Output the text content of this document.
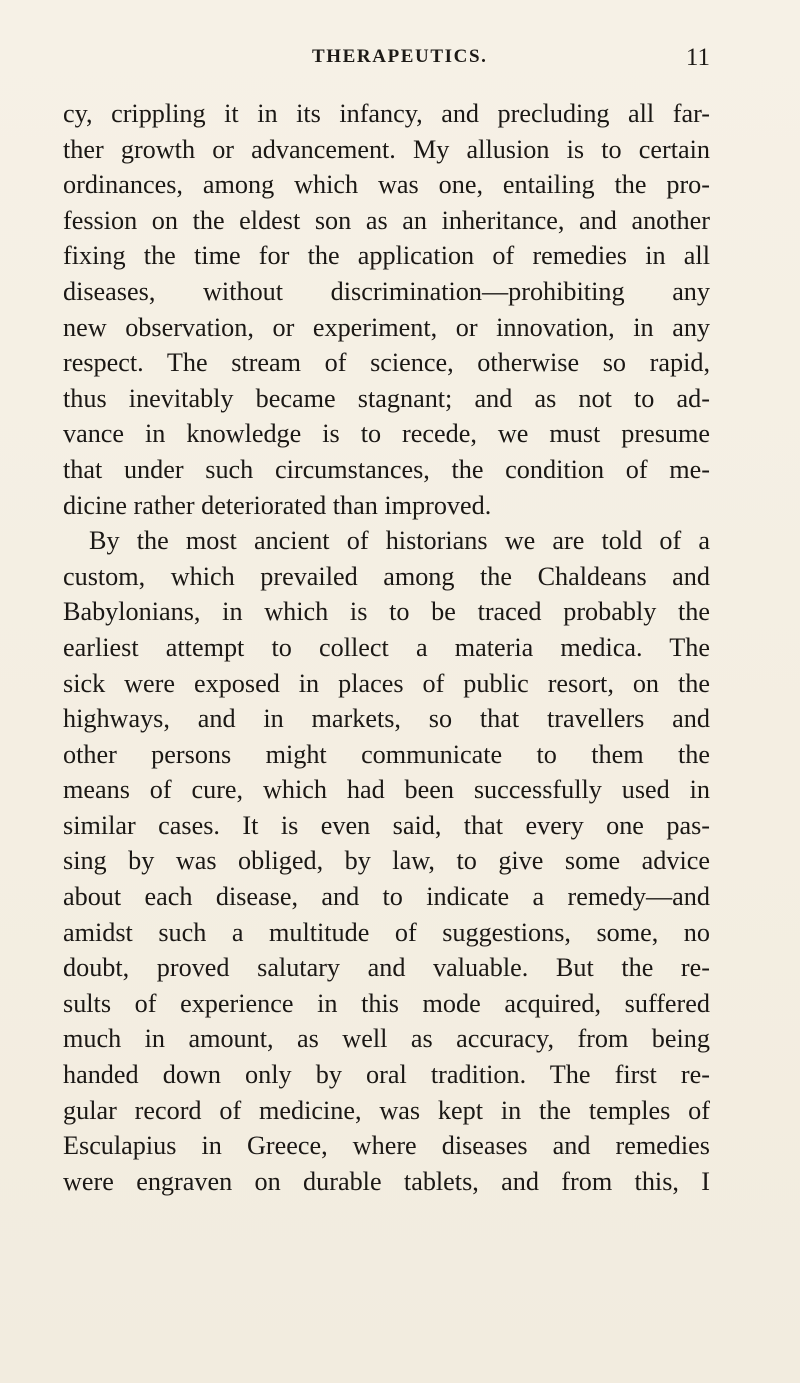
THERAPEUTICS.	11
cy, crippling it in its infancy, and precluding all far-
ther growth or advancement. My allusion is to certain
ordinances, among which was one, entailing the pro-
fession on the eldest son as an inheritance, and another
fixing the time for the application of remedies in all
diseases, without discrimination—prohibiting any
new observation, or experiment, or innovation, in any
respect. The stream of science, otherwise so rapid,
thus inevitably became stagnant; and as not to ad-
vance in knowledge is to recede, we must presume
that under such circumstances, the condition of me-
dicine rather deteriorated than improved.
By the most ancient of historians we are told of a
custom, which prevailed among the Chaldeans and
Babylonians, in which is to be traced probably the
earliest attempt to collect a materia medica. The
sick were exposed in places of public resort, on the
highways, and in markets, so that travellers and
other persons might communicate to them the
means of cure, which had been successfully used in
similar cases. It is even said, that every one pas-
sing by was obliged, by law, to give some advice
about each disease, and to indicate a remedy—and
amidst such a multitude of suggestions, some, no
doubt, proved salutary and valuable. But the re-
sults of experience in this mode acquired, suffered
much in amount, as well as accuracy, from being
handed down only by oral tradition. The first re-
gular record of medicine, was kept in the temples of
Esculapius in Greece, where diseases and remedies
were engraven on durable tablets, and from this, I
